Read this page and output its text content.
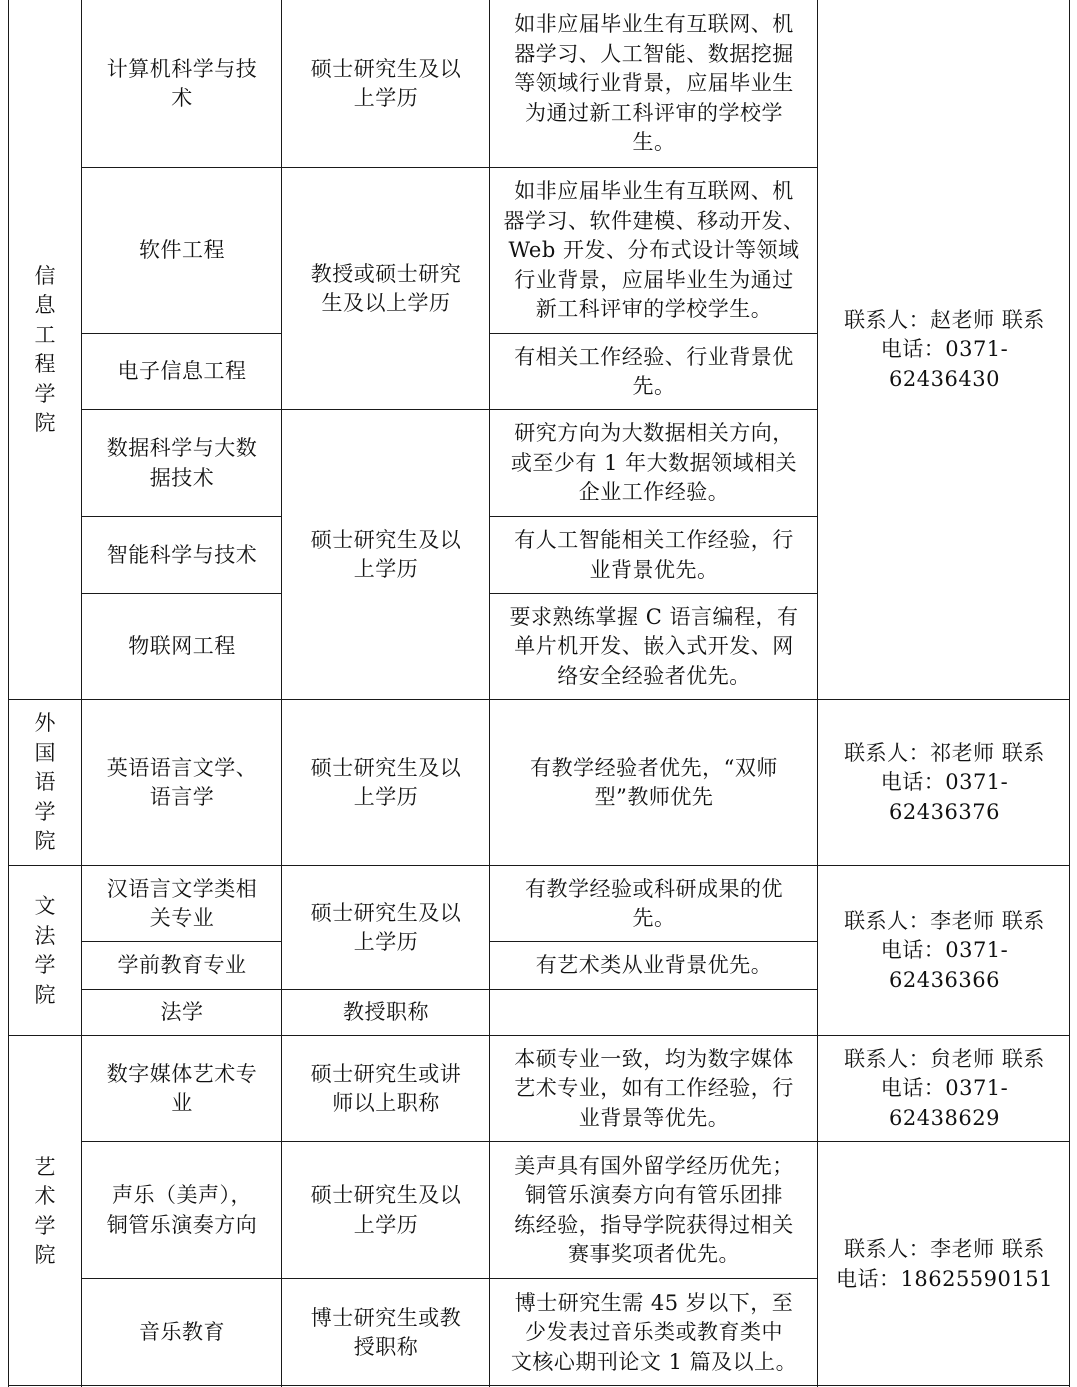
信息工程学院
外国语学院
文法学院
艺术学院
计算机科学与技
术
软件工程
电子信息工程
数据科学与大数
据技术
智能科学与技术
物联网工程
英语语言文学、
语言学
汉语言文学类相
关专业
学前教育专业
法学
数字媒体艺术专
业
声乐（美声），
铜管乐演奏方向
音乐教育
硕士研究生及以
上学历
教授或硕士研究
生及以上学历
硕士研究生及以
上学历
硕士研究生及以
上学历
硕士研究生及以
上学历
教授职称
硕士研究生或讲
师以上职称
硕士研究生及以
上学历
博士研究生或教
授职称
如非应届毕业生有互联网、机
器学习、人工智能、数据挖掘
等领域行业背景，应届毕业生
为通过新工科评审的学校学
生。
如非应届毕业生有互联网、机
器学习、软件建模、移动开发、
Web 开发、分布式设计等领域
行业背景，应届毕业生为通过
新工科评审的学校学生。
有相关工作经验、行业背景优
先。
研究方向为大数据相关方向，
或至少有 1 年大数据领域相关
企业工作经验。
有人工智能相关工作经验，行
业背景优先。
要求熟练掌握 C 语言编程，有
单片机开发、嵌入式开发、网
络安全经验者优先。
有教学经验者优先，“双师
型”教师优先
有教学经验或科研成果的优
先。
有艺术类从业背景优先。
本硕专业一致，均为数字媒体
艺术专业，如有工作经验，行
业背景等优先。
美声具有国外留学经历优先；
铜管乐演奏方向有管乐团排
练经验，指导学院获得过相关
赛事奖项者优先。
博士研究生需 45 岁以下，至
少发表过音乐类或教育类中
文核心期刊论文 1 篇及以上。
联系人：赵老师 联系
电话：0371-62436430
联系人：祁老师 联系
电话：0371-62436376
联系人：李老师 联系
电话：0371-62436366
联系人：贠老师 联系
电话：0371-62438629
联系人：李老师 联系
电话：18625590151
